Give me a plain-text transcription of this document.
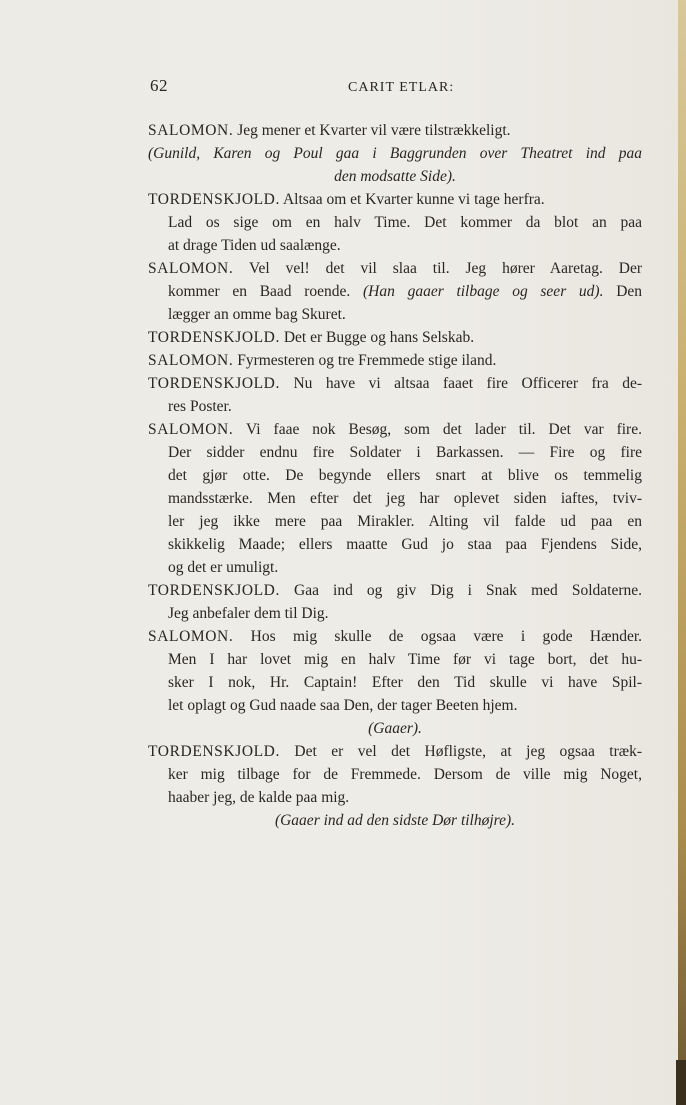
62	CARIT ETLAR:
SALOMON. Jeg mener et Kvarter vil være tilstrækkeligt.
(Gunild, Karen og Poul gaa i Baggrunden over Theatret ind paa
den modsatte Side).
TORDENSKJOLD. Altsaa om et Kvarter kunne vi tage herfra.
Lad os sige om en halv Time. Det kommer da blot an paa
at drage Tiden ud saalænge.
SALOMON. Vel vel! det vil slaa til. Jeg hører Aaretag. Der
kommer en Baad roende. (Han gaaer tilbage og seer ud). Den
lægger an omme bag Skuret.
TORDENSKJOLD. Det er Bugge og hans Selskab.
SALOMON. Fyrmesteren og tre Fremmede stige iland.
TORDENSKJOLD. Nu have vi altsaa faaet fire Officerer fra de-
res Poster.
SALOMON. Vi faae nok Besøg, som det lader til. Det var fire.
Der sidder endnu fire Soldater i Barkassen. — Fire og fire
det gjør otte. De begynde ellers snart at blive os temmelig
mandsstærke. Men efter det jeg har oplevet siden iaftes, tviv-
ler jeg ikke mere paa Mirakler. Alting vil falde ud paa en
skikkelig Maade; ellers maatte Gud jo staa paa Fjendens Side,
og det er umuligt.
TORDENSKJOLD. Gaa ind og giv Dig i Snak med Soldaterne.
Jeg anbefaler dem til Dig.
SALOMON. Hos mig skulle de ogsaa være i gode Hænder.
Men I har lovet mig en halv Time før vi tage bort, det hu-
sker I nok, Hr. Captain! Efter den Tid skulle vi have Spil-
let oplagt og Gud naade saa Den, der tager Beeten hjem.
(Gaaer).
TORDENSKJOLD. Det er vel det Høfligste, at jeg ogsaa træk-
ker mig tilbage for de Fremmede. Dersom de ville mig Noget,
haaber jeg, de kalde paa mig.
(Gaaer ind ad den sidste Dør tilhøjre).
